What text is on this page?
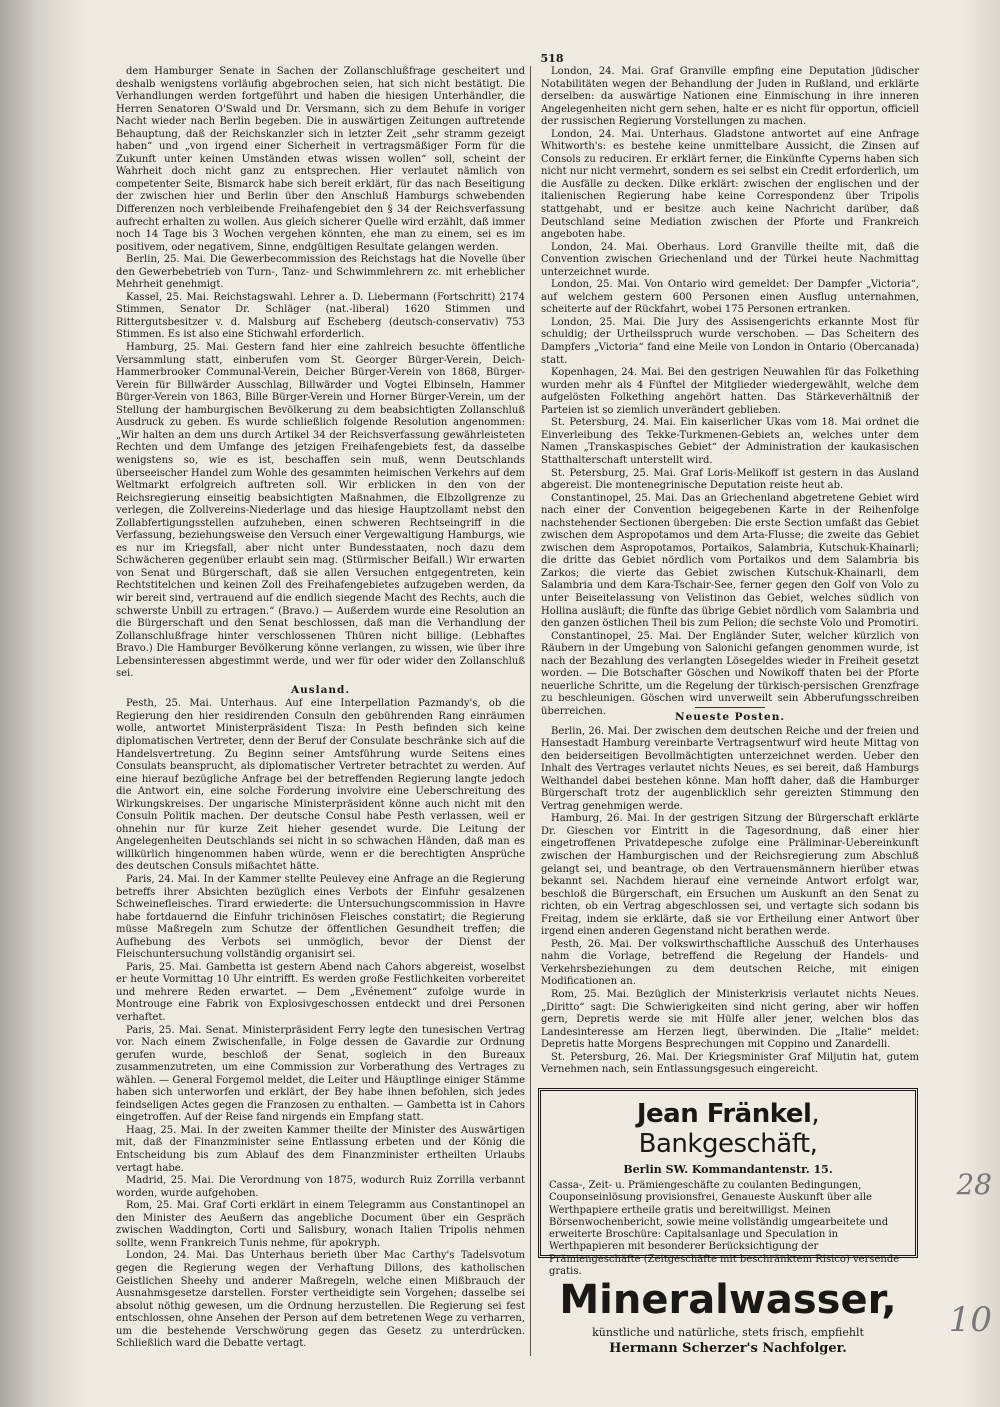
518

dem Hamburger Senate in Sachen der Zollanschlußfrage gescheitert und deshalb wenigstens vorläufig abgebrochen seien, hat sich nicht bestätigt. Die Verhandlungen werden fortgeführt und haben die hiesigen Unterhändler, die Herren Senatoren O'Swald und Dr. Versmann, sich zu dem Behufe in voriger Nacht wieder nach Berlin begeben. Die in auswärtigen Zeitungen auftretende Behauptung, daß der Reichskanzler sich in letzter Zeit „sehr stramm gezeigt haben“ und „von irgend einer Sicherheit in vertragsmäßiger Form für die Zukunft unter keinen Umständen etwas wissen wollen“ soll, scheint der Wahrheit doch nicht ganz zu entsprechen. Hier verlautet nämlich von competenter Seite, Bismarck habe sich bereit erklärt, für das nach Beseitigung der zwischen hier und Berlin über den Anschluß Hamburgs schwebenden Differenzen noch verbleibende Freihafengebiet den § 34 der Reichsverfassung aufrecht erhalten zu wollen. Aus gleich sicherer Quelle wird erzählt, daß immer noch 14 Tage bis 3 Wochen vergehen könnten, ehe man zu einem, sei es im positivem, oder negativem, Sinne, endgültigen Resultate gelangen werden.

Berlin, 25. Mai. Die Gewerbecommission des Reichstags hat die Novelle über den Gewerbebetrieb von Turn-, Tanz- und Schwimmlehrern zc. mit erheblicher Mehrheit genehmigt.

Kassel, 25. Mai. Reichstagswahl. Lehrer a. D. Liebermann (Fortschritt) 2174 Stimmen, Senator Dr. Schläger (nat.-liberal) 1620 Stimmen und Rittergutsbesitzer v. d. Malsburg auf Escheberg (deutsch-conservativ) 753 Stimmen. Es ist also eine Stichwahl erforderlich.

Hamburg, 25. Mai. Gestern fand hier eine zahlreich besuchte öffentliche Versammlung statt, einberufen vom St. Georger Bürger-Verein, Deich-Hammerbrooker Communal-Verein, Deicher Bürger-Verein von 1868, Bürger-Verein für Billwärder Ausschlag, Billwärder und Vogtei Elbinseln, Hammer Bürger-Verein von 1863, Bille Bürger-Verein und Horner Bürger-Verein, um der Stellung der hamburgischen Bevölkerung zu dem beabsichtigten Zollanschluß Ausdruck zu geben. Es wurde schließlich folgende Resolution angenommen: „Wir halten an dem uns durch Artikel 34 der Reichsverfassung gewährleisteten Rechten und dem Umfange des jetzigen Freihafengebiets fest, da dasselbe wenigstens so, wie es ist, beschaffen sein muß, wenn Deutschlands überseeischer Handel zum Wohle des gesammten heimischen Verkehrs auf dem Weltmarkt erfolgreich auftreten soll. Wir erblicken in den von der Reichsregierung einseitig beabsichtigten Maßnahmen, die Elbzollgrenze zu verlegen, die Zollvereins-Niederlage und das hiesige Hauptzollamt nebst den Zollabfertigungsstellen aufzuheben, einen schweren Rechtseingriff in die Verfassung, beziehungsweise den Versuch einer Vergewaltigung Hamburgs, wie es nur im Kriegsfall, aber nicht unter Bundesstaaten, noch dazu dem Schwächeren gegenüber erlaubt sein mag. (Stürmischer Beifall.) Wir erwarten von Senat und Bürgerschaft, daß sie allen Versuchen entgegentreten, kein Rechtstitelchen und keinen Zoll des Freihafengebietes aufzugeben werden, da wir bereit sind, vertrauend auf die endlich siegende Macht des Rechts, auch die schwerste Unbill zu ertragen.“ (Bravo.) — Außerdem wurde eine Resolution an die Bürgerschaft und den Senat beschlossen, daß man die Verhandlung der Zollanschlußfrage hinter verschlossenen Thüren nicht billige. (Lebhaftes Bravo.) Die Hamburger Bevölkerung könne verlangen, zu wissen, wie über ihre Lebensinteressen abgestimmt werde, und wer für oder wider den Zollanschluß sei.

Ausland.

Pesth, 25. Mai. Unterhaus. Auf eine Interpellation Pazmandy's, ob die Regierung den hier residirenden Consuln den gebührenden Rang einräumen wolle, antwortet Ministerpräsident Tisza: In Pesth befinden sich keine diplomatischen Vertreter, denn der Beruf der Consulate beschränke sich auf die Handelsvertretung. Zu Beginn seiner Amtsführung wurde Seitens eines Consulats beansprucht, als diplomatischer Vertreter betrachtet zu werden. Auf eine hierauf bezügliche Anfrage bei der betreffenden Regierung langte jedoch die Antwort ein, eine solche Forderung involvire eine Ueberschreitung des Wirkungskreises. Der ungarische Ministerpräsident könne auch nicht mit den Consuln Politik machen. Der deutsche Consul habe Pesth verlassen, weil er ohnehin nur für kurze Zeit hieher gesendet wurde. Die Leitung der Angelegenheiten Deutschlands sei nicht in so schwachen Händen, daß man es willkürlich hingenommen haben würde, wenn er die berechtigten Ansprüche des deutschen Consuls mißachtet hätte.

Paris, 24. Mai. In der Kammer stellte Peulevey eine Anfrage an die Regierung betreffs ihrer Absichten bezüglich eines Verbots der Einfuhr gesalzenen Schweinefleisches. Tirard erwiederte: die Untersuchungscommission in Havre habe fortdauernd die Einfuhr trichinösen Fleisches constatirt; die Regierung müsse Maßregeln zum Schutze der öffentlichen Gesundheit treffen; die Aufhebung des Verbots sei unmöglich, bevor der Dienst der Fleischuntersuchung vollständig organisirt sei.

Paris, 25. Mai. Gambetta ist gestern Abend nach Cahors abgereist, woselbst er heute Vormittag 10 Uhr eintrifft. Es werden große Festlichkeiten vorbereitet und mehrere Reden erwartet. — Dem „Evénement“ zufolge wurde in Montrouge eine Fabrik von Explosivgeschossen entdeckt und drei Personen verhaftet.

Paris, 25. Mai. Senat. Ministerpräsident Ferry legte den tunesischen Vertrag vor. Nach einem Zwischenfalle, in Folge dessen de Gavardie zur Ordnung gerufen wurde, beschloß der Senat, sogleich in den Bureaux zusammenzutreten, um eine Commission zur Vorberathung des Vertrages zu wählen. — General Forgemol meldet, die Leiter und Häuptlinge einiger Stämme haben sich unterworfen und erklärt, der Bey habe ihnen befohlen, sich jedes feindseligen Actes gegen die Franzosen zu enthalten. — Gambetta ist in Cahors eingetroffen. Auf der Reise fand nirgends ein Empfang statt.

Haag, 25. Mai. In der zweiten Kammer theilte der Minister des Auswärtigen mit, daß der Finanzminister seine Entlassung erbeten und der König die Entscheidung bis zum Ablauf des dem Finanzminister ertheilten Urlaubs vertagt habe.

Madrid, 25. Mai. Die Verordnung von 1875, wodurch Ruiz Zorrilla verbannt worden, wurde aufgehoben.

Rom, 25. Mai. Graf Corti erklärt in einem Telegramm aus Constantinopel an den Minister des Aeußern das angebliche Document über ein Gespräch zwischen Waddington, Corti und Salisbury, wonach Italien Tripolis nehmen sollte, wenn Frankreich Tunis nehme, für apokryph.

London, 24. Mai. Das Unterhaus berieth über Mac Carthy's Tadelsvotum gegen die Regierung wegen der Verhaftung Dillons, des katholischen Geistlichen Sheehy und anderer Maßregeln, welche einen Mißbrauch der Ausnahmsgesetze darstellen. Forster vertheidigte sein Vorgehen; dasselbe sei absolut nöthig gewesen, um die Ordnung herzustellen. Die Regierung sei fest entschlossen, ohne Ansehen der Person auf dem betretenen Wege zu verharren, um die bestehende Verschwörung gegen das Gesetz zu unterdrücken. Schließlich ward die Debatte vertagt.

London, 24. Mai. Graf Granville empfing eine Deputation jüdischer Notabilitäten wegen der Behandlung der Juden in Rußland, und erklärte derselben: da auswärtige Nationen eine Einmischung in ihre inneren Angelegenheiten nicht gern sehen, halte er es nicht für opportun, officiell der russischen Regierung Vorstellungen zu machen.

London, 24. Mai. Unterhaus. Gladstone antwortet auf eine Anfrage Whitworth's: es bestehe keine unmittelbare Aussicht, die Zinsen auf Consols zu reduciren. Er erklärt ferner, die Einkünfte Cyperns haben sich nicht nur nicht vermehrt, sondern es sei selbst ein Credit erforderlich, um die Ausfälle zu decken. Dilke erklärt: zwischen der englischen und der italienischen Regierung habe keine Correspondenz über Tripolis stattgehabt, und er besitze auch keine Nachricht darüber, daß Deutschland seine Mediation zwischen der Pforte und Frankreich angeboten habe.

London, 24. Mai. Oberhaus. Lord Granville theilte mit, daß die Convention zwischen Griechenland und der Türkei heute Nachmittag unterzeichnet wurde.

London, 25. Mai. Von Ontario wird gemeldet: Der Dampfer „Victoria“, auf welchem gestern 600 Personen einen Ausflug unternahmen, scheiterte auf der Rückfahrt, wobei 175 Personen ertranken.

London, 25. Mai. Die Jury des Assisengerichts erkannte Most für schuldig; der Urtheilsspruch wurde verschoben. — Das Scheitern des Dampfers „Victoria“ fand eine Meile von London in Ontario (Obercanada) statt.

Kopenhagen, 24. Mai. Bei den gestrigen Neuwahlen für das Folkething wurden mehr als 4 Fünftel der Mitglieder wiedergewählt, welche dem aufgelösten Folkething angehört hatten. Das Stärkeverhältniß der Parteien ist so ziemlich unverändert geblieben.

St. Petersburg, 24. Mai. Ein kaiserlicher Ukas vom 18. Mai ordnet die Einverleibung des Tekke-Turkmenen-Gebiets an, welches unter dem Namen „Transkaspisches Gebiet“ der Administration der kaukasischen Statthalterschaft unterstellt wird.

St. Petersburg, 25. Mai. Graf Loris-Melikoff ist gestern in das Ausland abgereist. Die montenegrinische Deputation reiste heut ab.

Constantinopel, 25. Mai. Das an Griechenland abgetretene Gebiet wird nach einer der Convention beigegebenen Karte in der Reihenfolge nachstehender Sectionen übergeben: Die erste Section umfaßt das Gebiet zwischen dem Aspropotamos und dem Arta-Flusse; die zweite das Gebiet zwischen dem Aspropotamos, Portaikos, Salambria, Kutschuk-Khainarli; die dritte das Gebiet nördlich vom Portaikos und dem Salambria bis Zarkos; die vierte das Gebiet zwischen Kutschuk-Khainarli, dem Salambria und dem Kara-Tschair-See, ferner gegen den Golf von Volo zu unter Beiseitelassung von Velistinon das Gebiet, welches südlich von Hollina ausläuft; die fünfte das übrige Gebiet nördlich vom Salambria und den ganzen östlichen Theil bis zum Pelion; die sechste Volo und Promotiri.

Constantinopel, 25. Mai. Der Engländer Suter, welcher kürzlich von Räubern in der Umgebung von Salonichi gefangen genommen wurde, ist nach der Bezahlung des verlangten Lösegeldes wieder in Freiheit gesetzt worden. — Die Botschafter Göschen und Nowikoff thaten bei der Pforte neuerliche Schritte, um die Regelung der türkisch-persischen Grenzfrage zu beschleunigen. Göschen wird unverweilt sein Abberufungsschreiben überreichen.	Neueste Posten.

Berlin, 26. Mai. Der zwischen dem deutschen Reiche und der freien und Hansestadt Hamburg vereinbarte Vertragsentwurf wird heute Mittag von den beiderseitigen Bevollmächtigten unterzeichnet werden. Ueber den Inhalt des Vertrages verlautet nichts Neues, es sei bereit, daß Hamburgs Welthandel dabei bestehen könne. Man hofft daher, daß die Hamburger Bürgerschaft trotz der augenblicklich sehr gereizten Stimmung den Vertrag genehmigen werde.

Hamburg, 26. Mai. In der gestrigen Sitzung der Bürgerschaft erklärte Dr. Gieschen vor Eintritt in die Tagesordnung, daß einer hier eingetroffenen Privatdepesche zufolge eine Präliminar-Uebereinkunft zwischen der Hamburgischen und der Reichsregierung zum Abschluß gelangt sei, und beantrage, ob den Vertrauensmännern hierüber etwas bekannt sei. Nachdem hierauf eine verneinde Antwort erfolgt war, beschloß die Bürgerschaft, ein Ersuchen um Auskunft an den Senat zu richten, ob ein Vertrag abgeschlossen sei, und vertagte sich sodann bis Freitag, indem sie erklärte, daß sie vor Ertheilung einer Antwort über irgend einen anderen Gegenstand nicht berathen werde.

Pesth, 26. Mai. Der volkswirthschaftliche Ausschuß des Unterhauses nahm die Vorlage, betreffend die Regelung der Handels- und Verkehrsbeziehungen zu dem deutschen Reiche, mit einigen Modificationen an.

Rom, 25. Mai. Bezüglich der Ministerkrisis verlautet nichts Neues. „Diritto“ sagt: Die Schwierigkeiten sind nicht gering, aber wir hoffen gern, Depretis werde sie mit Hülfe aller jener, welchen blos das Landesinteresse am Herzen liegt, überwinden. Die „Italie“ meldet: Depretis hatte Morgens Besprechungen mit Coppino und Zanardelli.

St. Petersburg, 26. Mai. Der Kriegsminister Graf Miljutin hat, gutem Vernehmen nach, sein Entlassungsgesuch eingereicht.

Jean Fränkel, Bankgeschäft,
Berlin SW. Kommandantenstr. 15.
Cassa-, Zeit- u. Prämiengeschäfte zu coulanten Bedingungen, Couponseinlösung provisionsfrei, Genaueste Auskunft über alle Werthpapiere ertheile gratis und bereitwilligst. Meinen Börsenwochenbericht, sowie meine vollständig umgearbeitete und erweiterte Broschüre: Capitalsanlage und Speculation in Werthpapieren mit besonderer Berücksichtigung der Prämiengeschäfte (Zeitgeschäfte mit beschränktem Risico) versende gratis.
Mineralwasser,
künstliche und natürliche, stets frisch, empfiehlt
Hermann Scherzer's Nachfolger.
28
10
